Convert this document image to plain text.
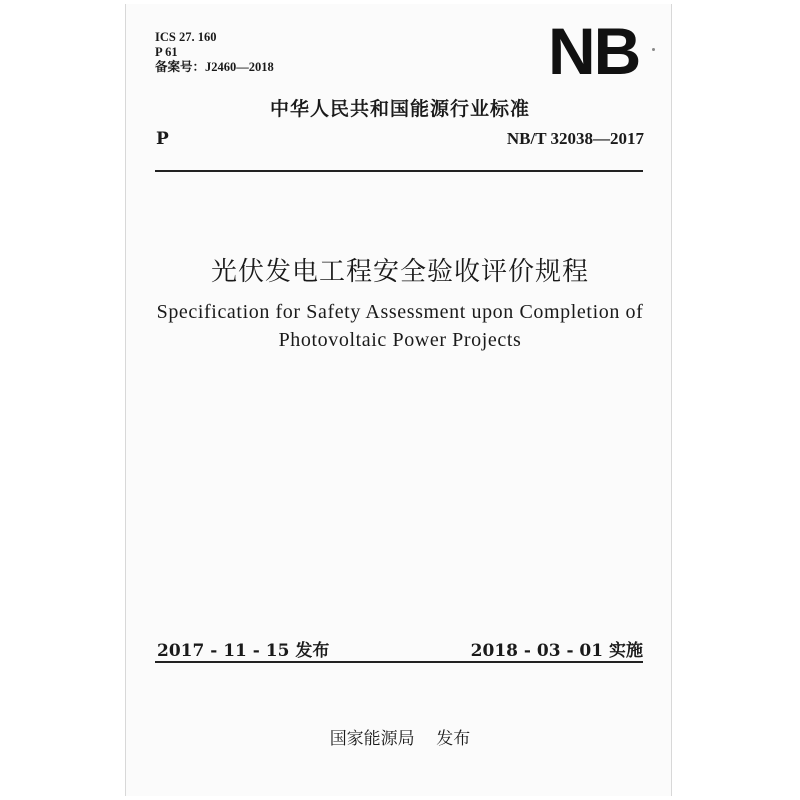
ICS 27. 160
P 61
备案号：J2460—2018	NB
中华人民共和国能源行业标准
P	NB/T 32038—2017
光伏发电工程安全验收评价规程
Specification for Safety Assessment upon Completion of
Photovoltaic Power Projects
2017 - 11 - 15 发布	2018 - 03 - 01 实施
国家能源局    发布
